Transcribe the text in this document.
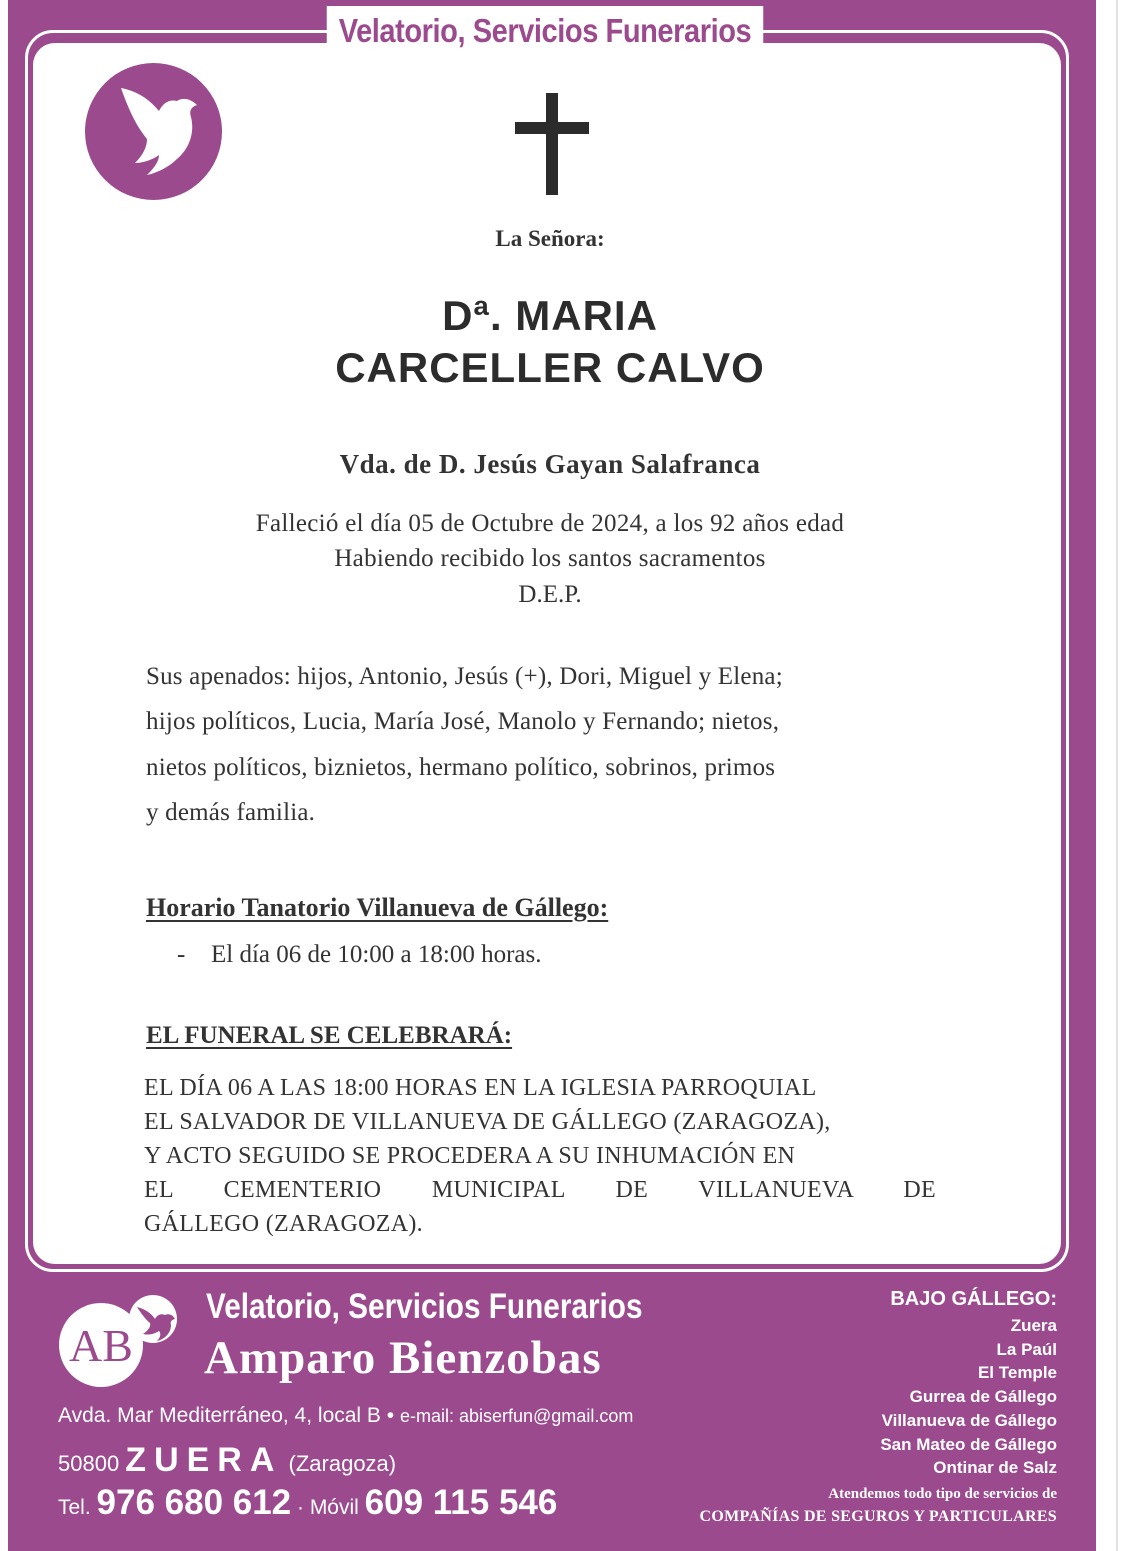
Velatorio, Servicios Funerarios
La Señora:
Dª. MARIA
CARCELLER CALVO
Vda. de D. Jesús Gayan Salafranca
Falleció el día 05 de Octubre de 2024, a los 92 años edad
Habiendo recibido los santos sacramentos
D.E.P.
Sus apenados: hijos, Antonio, Jesús (+), Dori, Miguel y Elena;
hijos políticos, Lucia, María José, Manolo y Fernando; nietos,
nietos políticos, biznietos, hermano político, sobrinos, primos
y demás familia.
Horario Tanatorio Villanueva de Gállego:
- El día 06 de 10:00 a 18:00 horas.
EL FUNERAL SE CELEBRARÁ:
EL DÍA 06 A LAS 18:00 HORAS EN LA IGLESIA PARROQUIAL
EL SALVADOR DE VILLANUEVA DE GÁLLEGO (ZARAGOZA),
Y ACTO SEGUIDO SE PROCEDERA A SU INHUMACIÓN EN
EL CEMENTERIO MUNICIPAL DE VILLANUEVA DE
GÁLLEGO (ZARAGOZA).
AB
Velatorio, Servicios Funerarios
Amparo Bienzobas
Avda. Mar Mediterráneo, 4, local B • e-mail: abiserfun@gmail.com
50800 ZUERA (Zaragoza)
Tel. 976 680 612 · Móvil 609 115 546
BAJO GÁLLEGO:
Zuera
La Paúl
El Temple
Gurrea de Gállego
Villanueva de Gállego
San Mateo de Gállego
Ontinar de Salz
Atendemos todo tipo de servicios de
COMPAÑÍAS DE SEGUROS Y PARTICULARES
